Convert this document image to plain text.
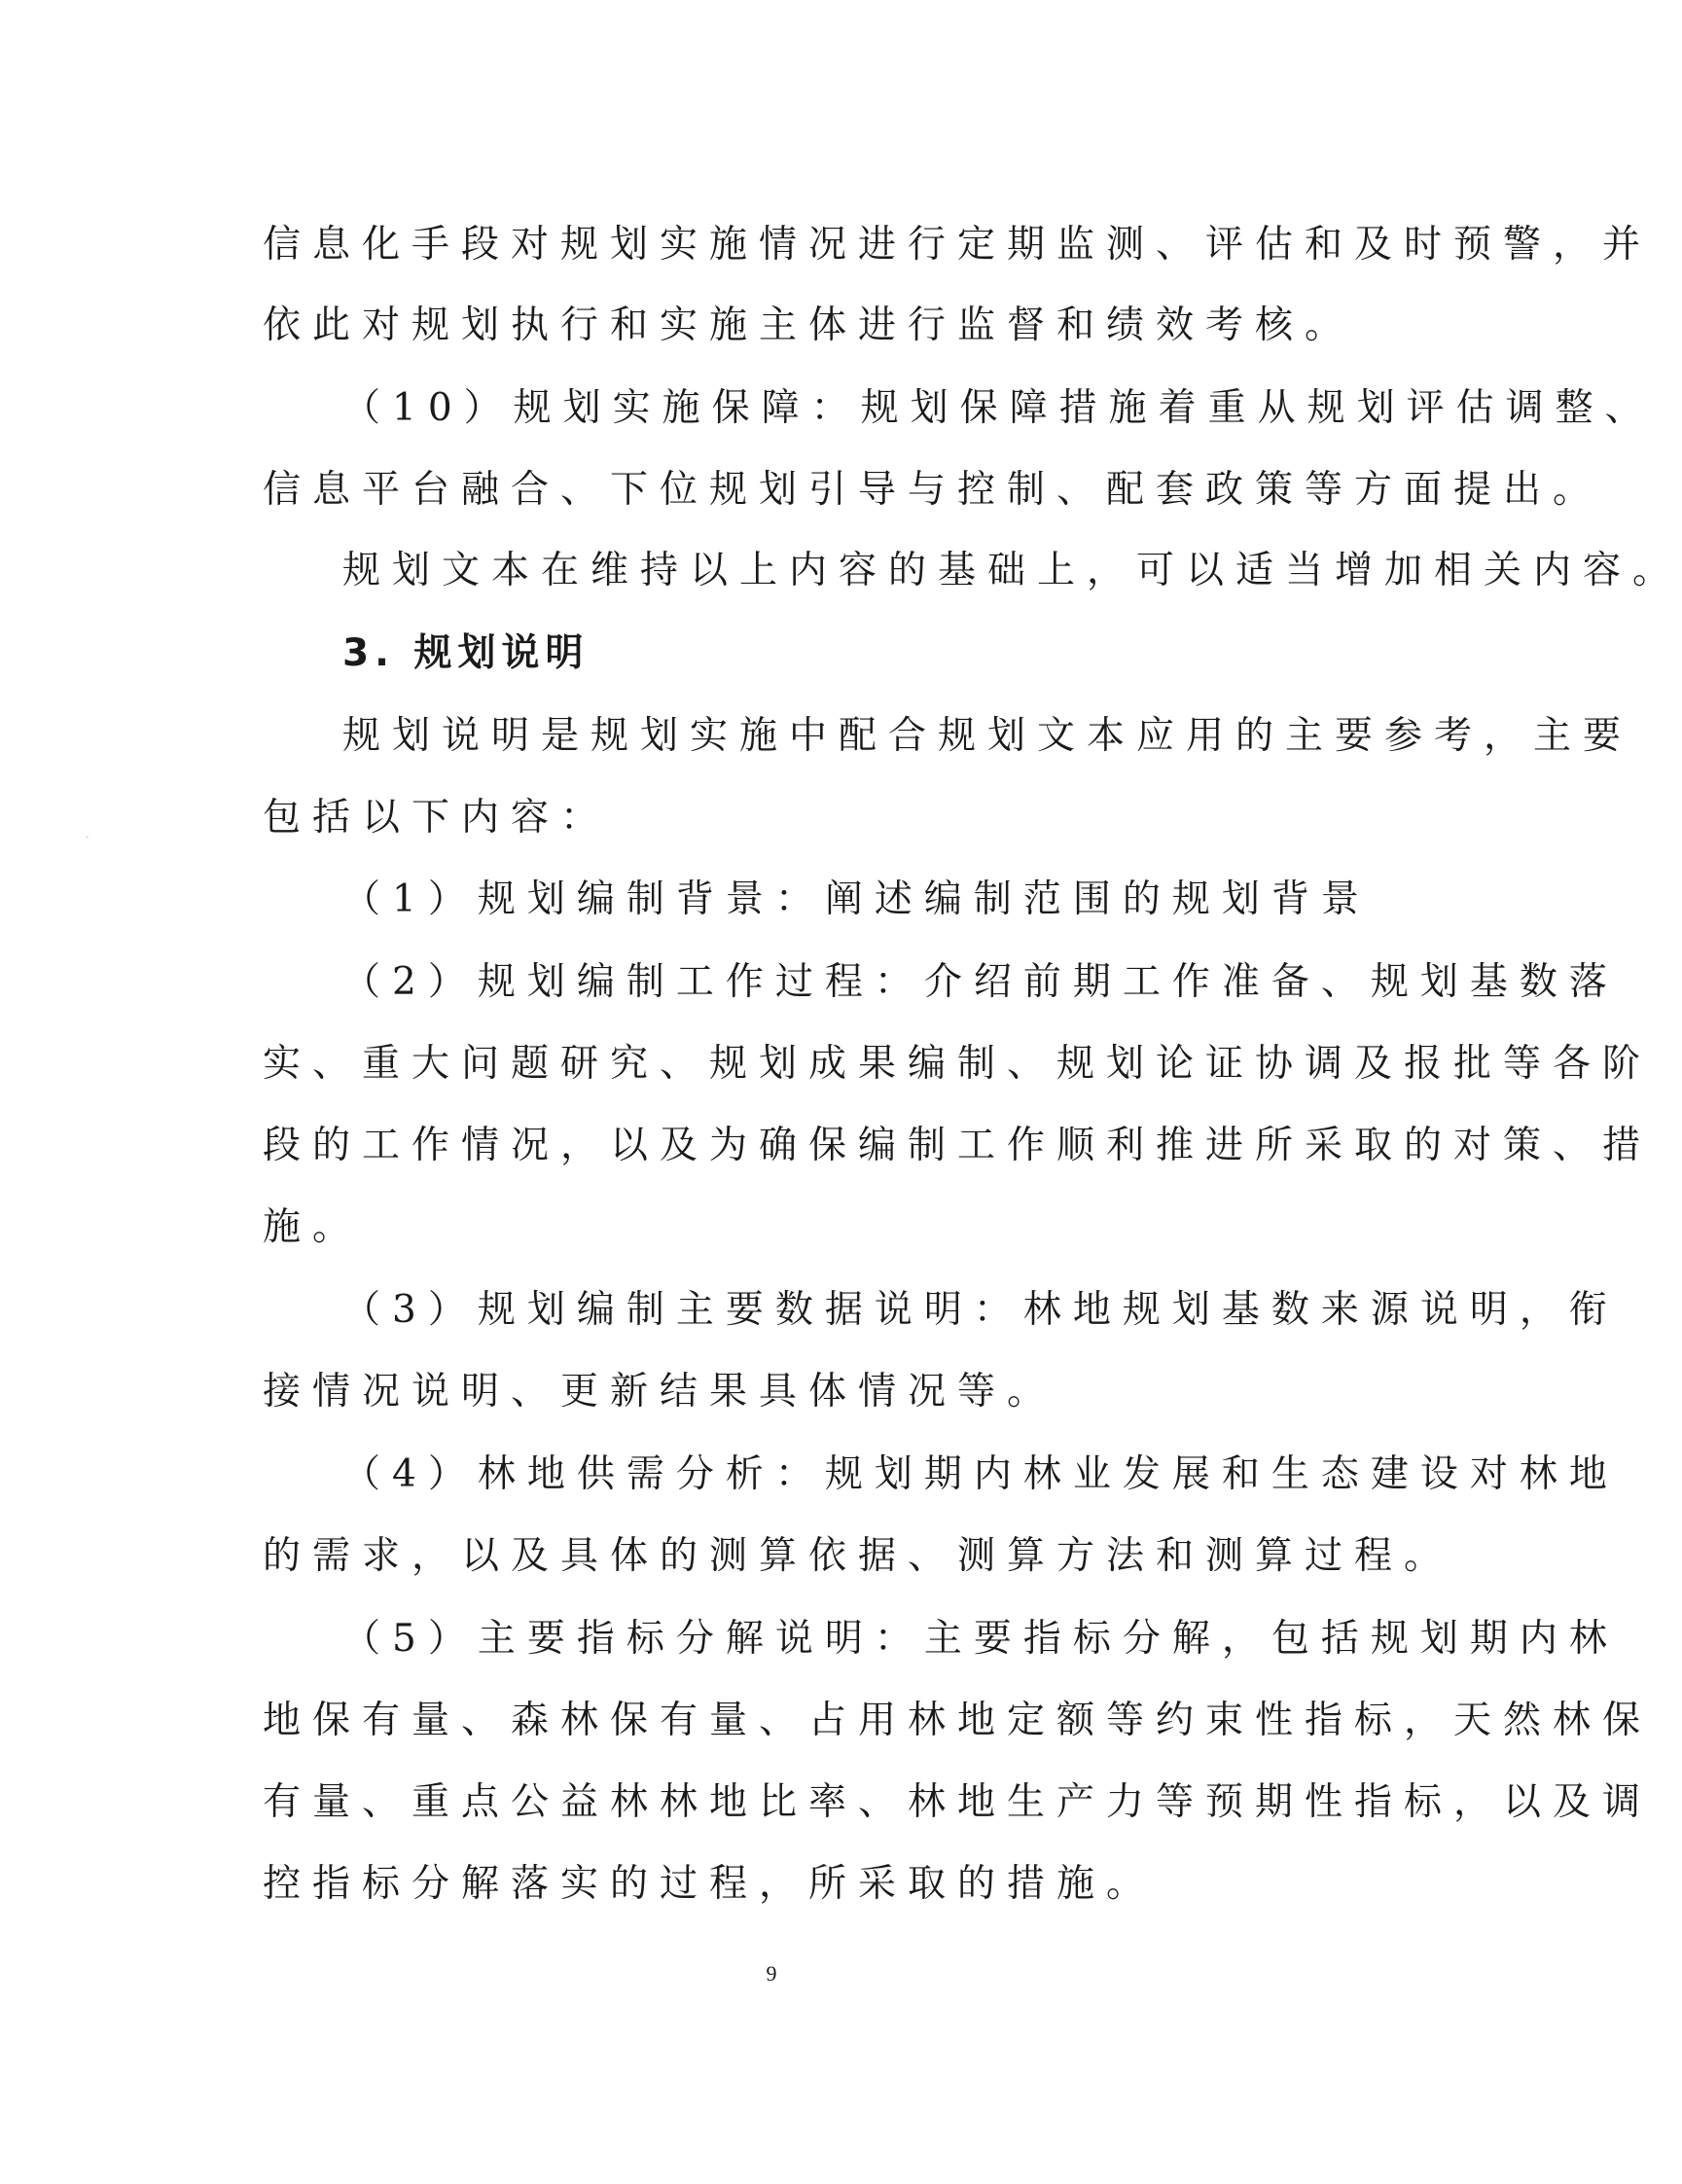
信息化手段对规划实施情况进行定期监测、评估和及时预警，并
依此对规划执行和实施主体进行监督和绩效考核。
（10）规划实施保障：规划保障措施着重从规划评估调整、
信息平台融合、下位规划引导与控制、配套政策等方面提出。
规划文本在维持以上内容的基础上，可以适当增加相关内容。
3. 规划说明
规划说明是规划实施中配合规划文本应用的主要参考，主要
包括以下内容：
（1）规划编制背景：阐述编制范围的规划背景
（2）规划编制工作过程：介绍前期工作准备、规划基数落
实、重大问题研究、规划成果编制、规划论证协调及报批等各阶
段的工作情况，以及为确保编制工作顺利推进所采取的对策、措
施。
（3）规划编制主要数据说明：林地规划基数来源说明，衔
接情况说明、更新结果具体情况等。
（4）林地供需分析：规划期内林业发展和生态建设对林地
的需求，以及具体的测算依据、测算方法和测算过程。
（5）主要指标分解说明：主要指标分解，包括规划期内林
地保有量、森林保有量、占用林地定额等约束性指标，天然林保
有量、重点公益林林地比率、林地生产力等预期性指标，以及调
控指标分解落实的过程，所采取的措施。
9
